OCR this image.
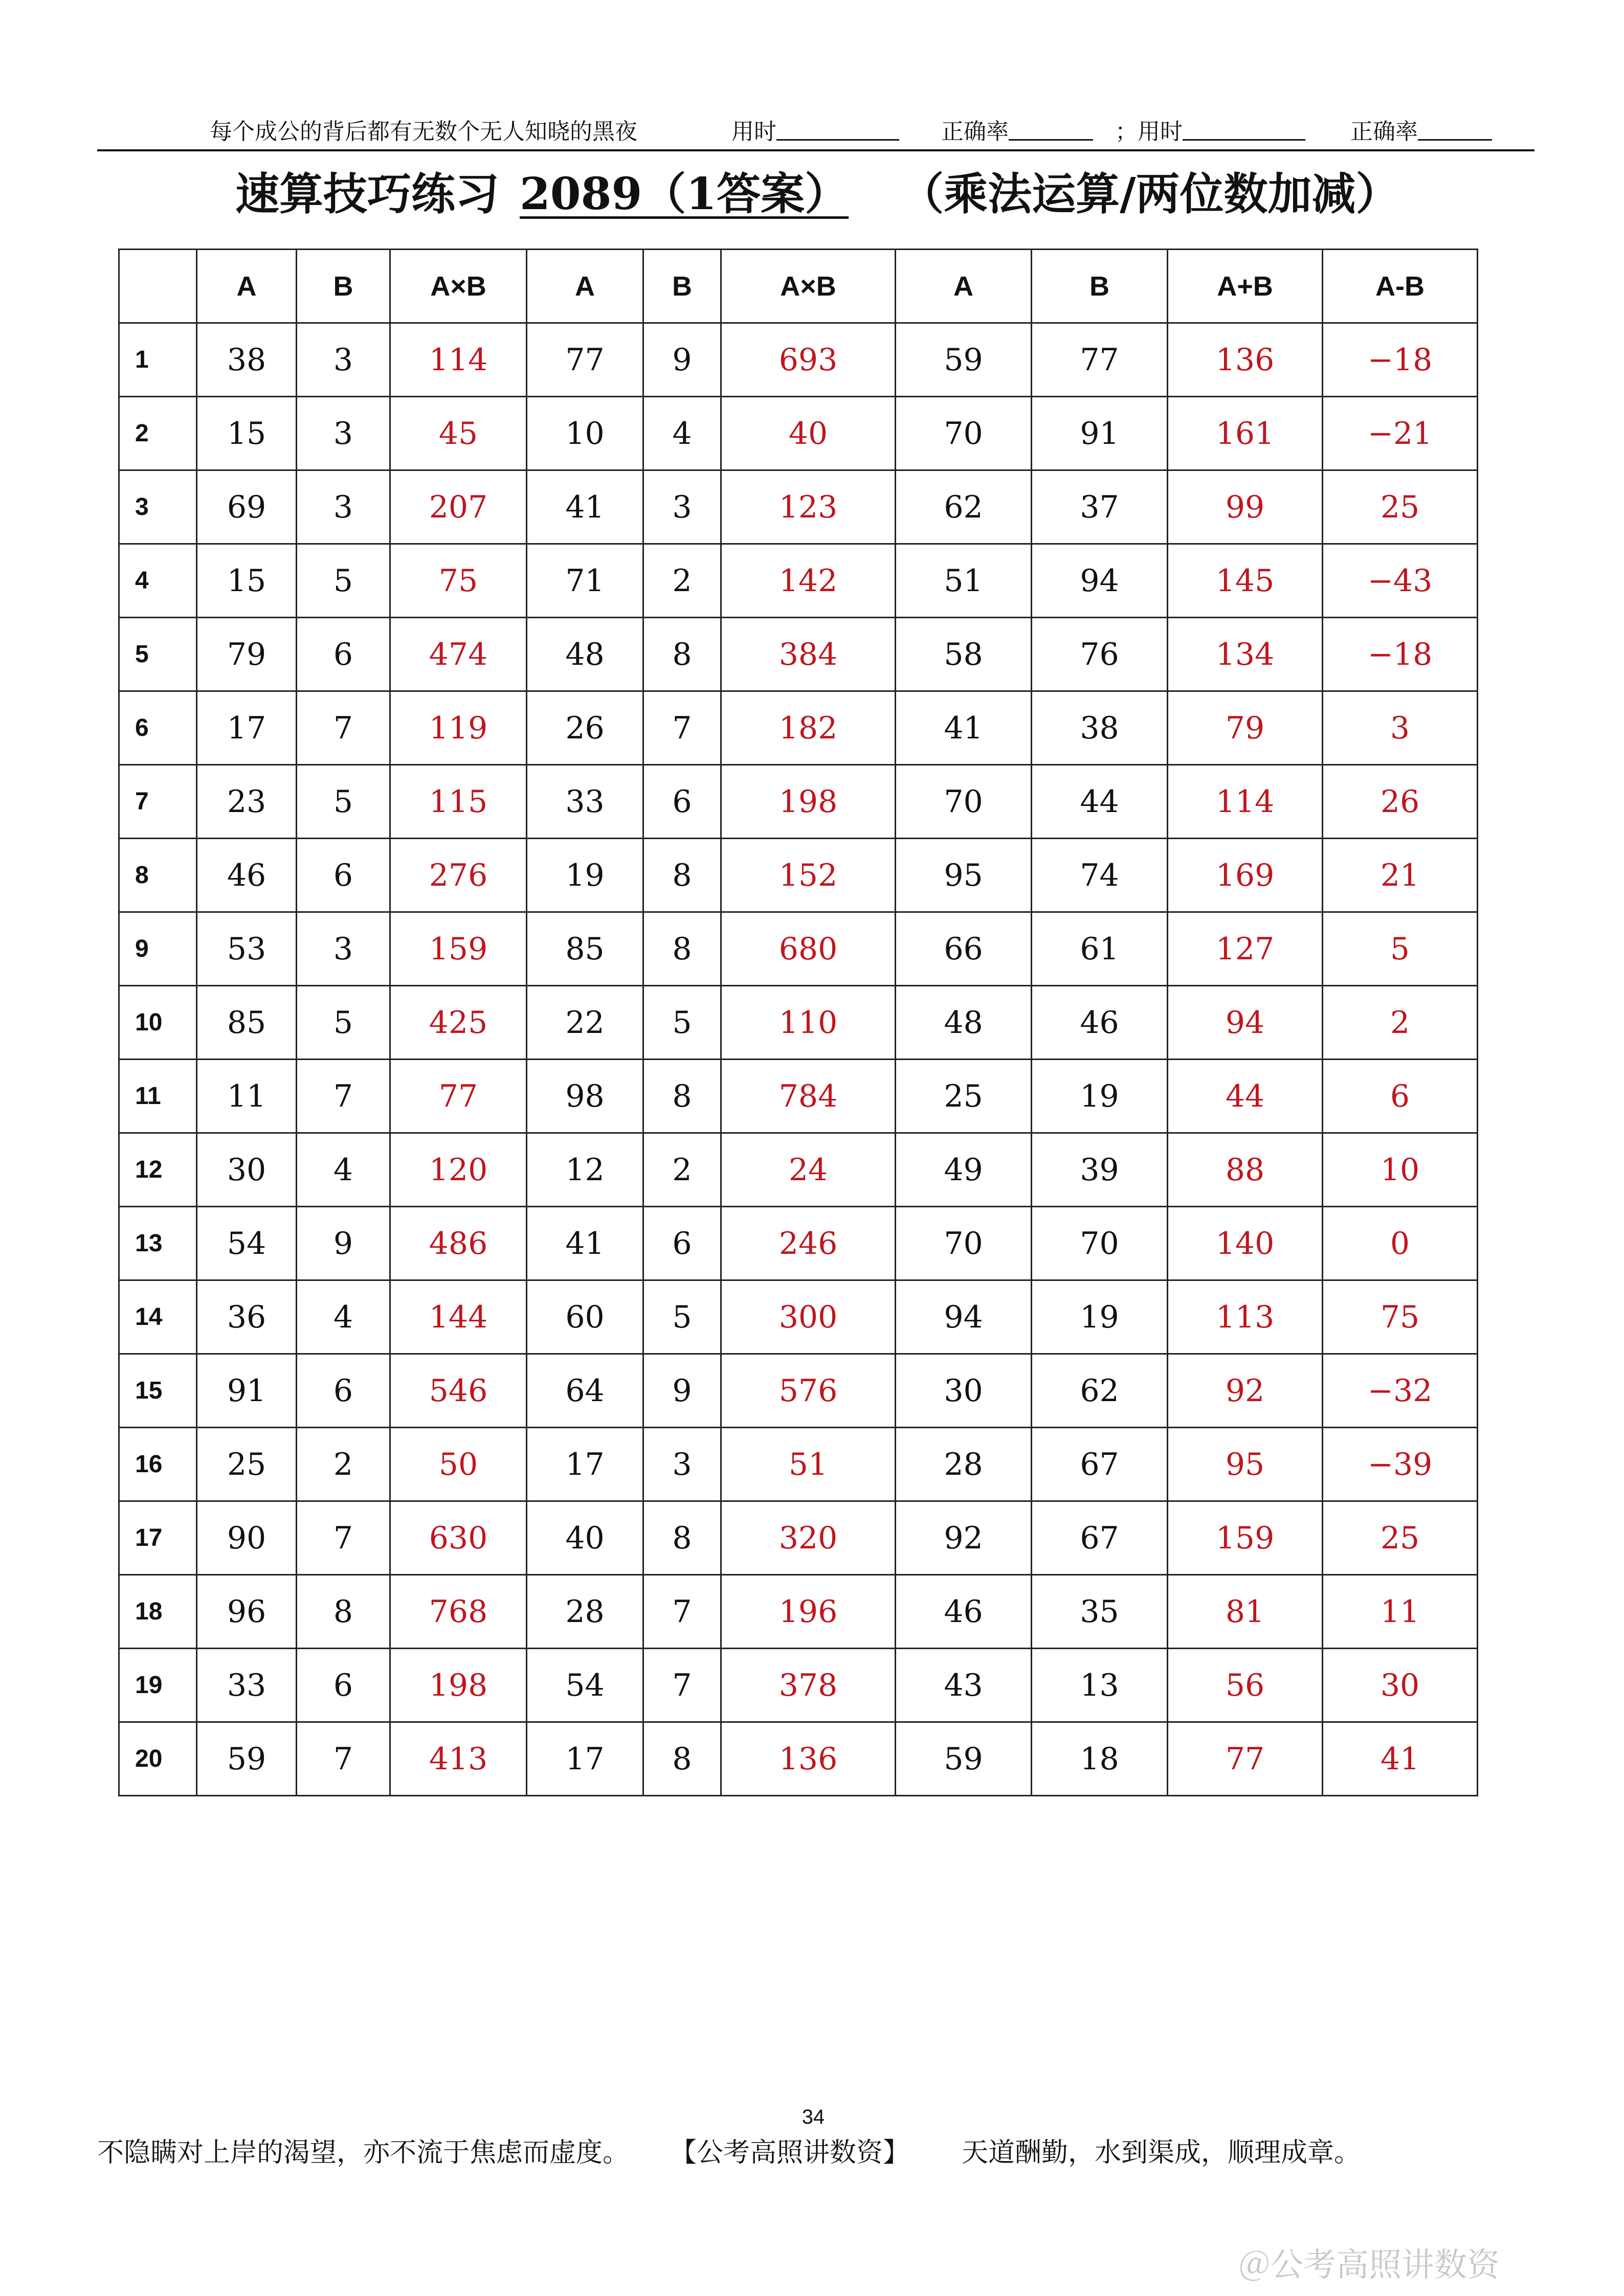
每个成公的背后都有无数个无人知晓的黑夜	用时	正确率	；用时	正确率
速算技巧练习 2089（1答案） （乘法运算/两位数加减）
	A	B	A×B	A	B	A×B	A	B	A+B	A-B
1	38	3	114	77	9	693	59	77	136	−18
2	15	3	45	10	4	40	70	91	161	−21
3	69	3	207	41	3	123	62	37	99	25
4	15	5	75	71	2	142	51	94	145	−43
5	79	6	474	48	8	384	58	76	134	−18
6	17	7	119	26	7	182	41	38	79	3
7	23	5	115	33	6	198	70	44	114	26
8	46	6	276	19	8	152	95	74	169	21
9	53	3	159	85	8	680	66	61	127	5
10	85	5	425	22	5	110	48	46	94	2
11	11	7	77	98	8	784	25	19	44	6
12	30	4	120	12	2	24	49	39	88	10
13	54	9	486	41	6	246	70	70	140	0
14	36	4	144	60	5	300	94	19	113	75
15	91	6	546	64	9	576	30	62	92	−32
16	25	2	50	17	3	51	28	67	95	−39
17	90	7	630	40	8	320	92	67	159	25
18	96	8	768	28	7	196	46	35	81	11
19	33	6	198	54	7	378	43	13	56	30
20	59	7	413	17	8	136	59	18	77	41
34
不隐瞒对上岸的渴望，亦不流于焦虑而虚度。 【公考高照讲数资】 天道酬勤，水到渠成，顺理成章。
＠公考高照讲数资
